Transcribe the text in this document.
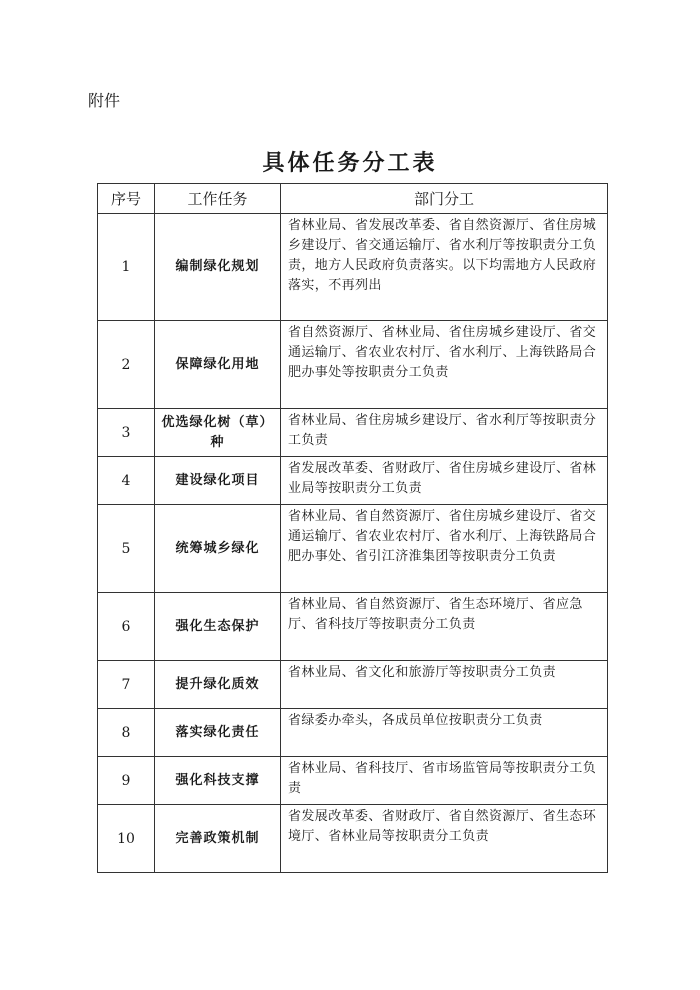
附件
具体任务分工表
序号	工作任务	部门分工
1	编制绿化规划	省林业局、省发展改革委、省自然资源厅、省住房城乡建设厅、省交通运输厅、省水利厅等按职责分工负责，地方人民政府负责落实。以下均需地方人民政府落实，不再列出
2	保障绿化用地	省自然资源厅、省林业局、省住房城乡建设厅、省交通运输厅、省农业农村厅、省水利厅、上海铁路局合肥办事处等按职责分工负责
3	优选绿化树（草）种	省林业局、省住房城乡建设厅、省水利厅等按职责分工负责
4	建设绿化项目	省发展改革委、省财政厅、省住房城乡建设厅、省林业局等按职责分工负责
5	统筹城乡绿化	省林业局、省自然资源厅、省住房城乡建设厅、省交通运输厅、省农业农村厅、省水利厅、上海铁路局合肥办事处、省引江济淮集团等按职责分工负责
6	强化生态保护	省林业局、省自然资源厅、省生态环境厅、省应急厅、省科技厅等按职责分工负责
7	提升绿化质效	省林业局、省文化和旅游厅等按职责分工负责
8	落实绿化责任	省绿委办牵头，各成员单位按职责分工负责
9	强化科技支撑	省林业局、省科技厅、省市场监管局等按职责分工负责
10	完善政策机制	省发展改革委、省财政厅、省自然资源厅、省生态环境厅、省林业局等按职责分工负责
